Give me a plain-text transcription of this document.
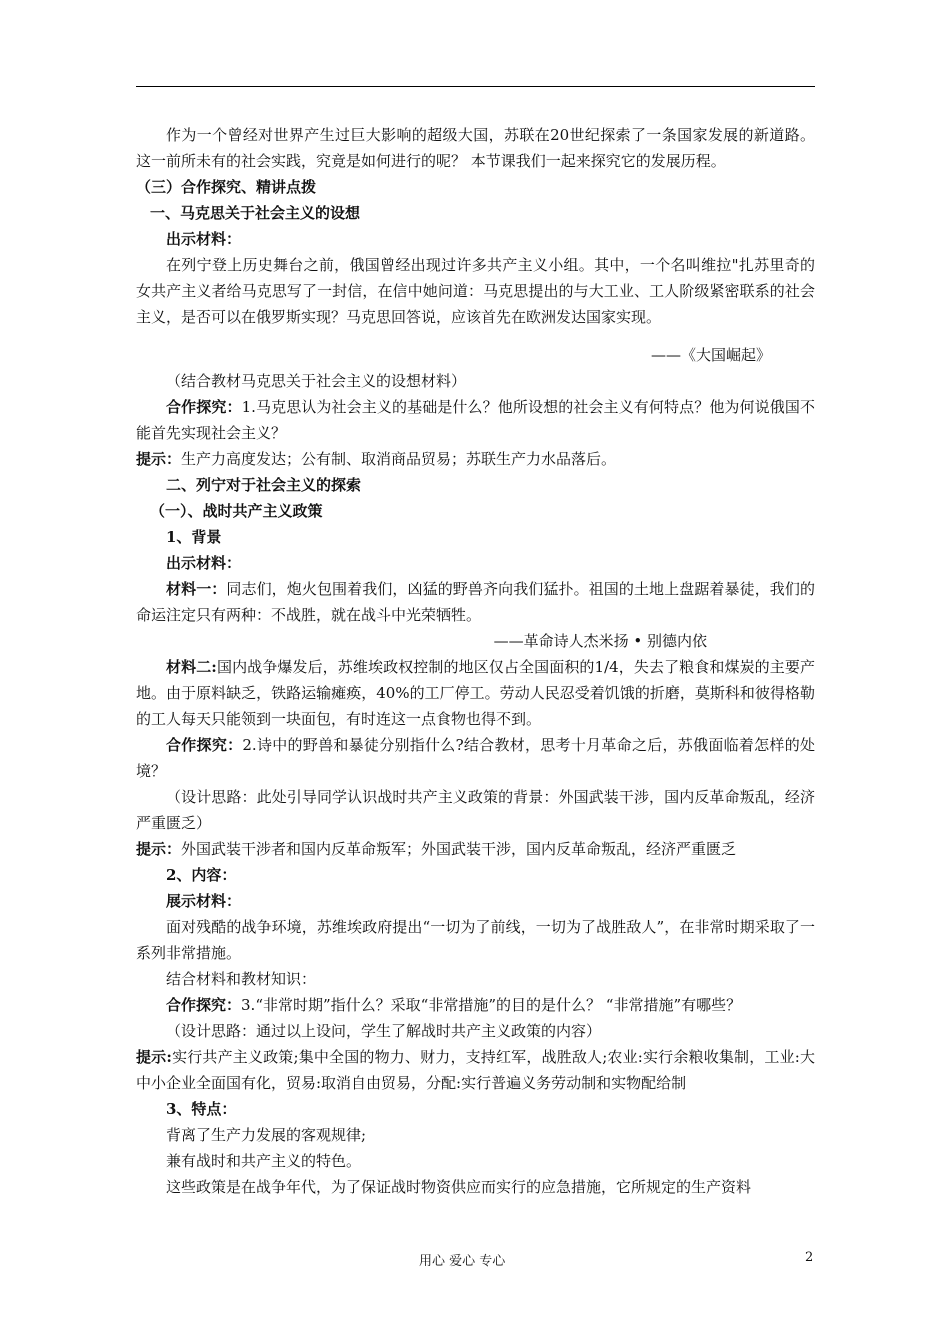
作为一个曾经对世界产生过巨大影响的超级大国，苏联在20世纪探索了一条国家发展的新道路。这一前所未有的社会实践，究竟是如何进行的呢？ 本节课我们一起来探究它的发展历程。

（三）合作探究、精讲点拨

一、马克思关于社会主义的设想

出示材料：

在列宁登上历史舞台之前，俄国曾经出现过许多共产主义小组。其中，一个名叫维拉"扎苏里奇的女共产主义者给马克思写了一封信，在信中她问道：马克思提出的与大工业、工人阶级紧密联系的社会主义，是否可以在俄罗斯实现？马克思回答说，应该首先在欧洲发达国家实现。

——《大国崛起》

（结合教材马克思关于社会主义的设想材料）

合作探究：1.马克思认为社会主义的基础是什么？他所设想的社会主义有何特点？他为何说俄国不能首先实现社会主义？

提示：生产力高度发达；公有制、取消商品贸易；苏联生产力水品落后。

二、列宁对于社会主义的探索

（一）、战时共产主义政策

1、背景

出示材料：

材料一：同志们，炮火包围着我们，凶猛的野兽齐向我们猛扑。祖国的土地上盘踞着暴徒，我们的命运注定只有两种：不战胜，就在战斗中光荣牺牲。

——革命诗人杰米扬 • 别德内依

材料二:国内战争爆发后，苏维埃政权控制的地区仅占全国面积的1/4，失去了粮食和煤炭的主要产地。由于原料缺乏，铁路运输瘫痪，40%的工厂停工。劳动人民忍受着饥饿的折磨，莫斯科和彼得格勒的工人每天只能领到一块面包，有时连这一点食物也得不到。

合作探究：2.诗中的野兽和暴徒分别指什么?结合教材，思考十月革命之后，苏俄面临着怎样的处境？

（设计思路：此处引导同学认识战时共产主义政策的背景：外国武装干涉，国内反革命叛乱，经济严重匮乏）

提示：外国武装干涉者和国内反革命叛军；外国武装干涉，国内反革命叛乱，经济严重匮乏

2、内容：

展示材料：

面对残酷的战争环境，苏维埃政府提出“一切为了前线，一切为了战胜敌人”，在非常时期采取了一系列非常措施。

结合材料和教材知识：

合作探究：3.“非常时期”指什么？采取“非常措施”的目的是什么？ “非常措施”有哪些？

（设计思路：通过以上设问，学生了解战时共产主义政策的内容）

提示:实行共产主义政策;集中全国的物力、财力，支持红军，战胜敌人;农业:实行余粮收集制，工业:大中小企业全面国有化，贸易:取消自由贸易，分配:实行普遍义务劳动制和实物配给制

3、特点：

背离了生产力发展的客观规律;

兼有战时和共产主义的特色。

这些政策是在战争年代，为了保证战时物资供应而实行的应急措施，它所规定的生产资料

用心 爱心 专心	2
